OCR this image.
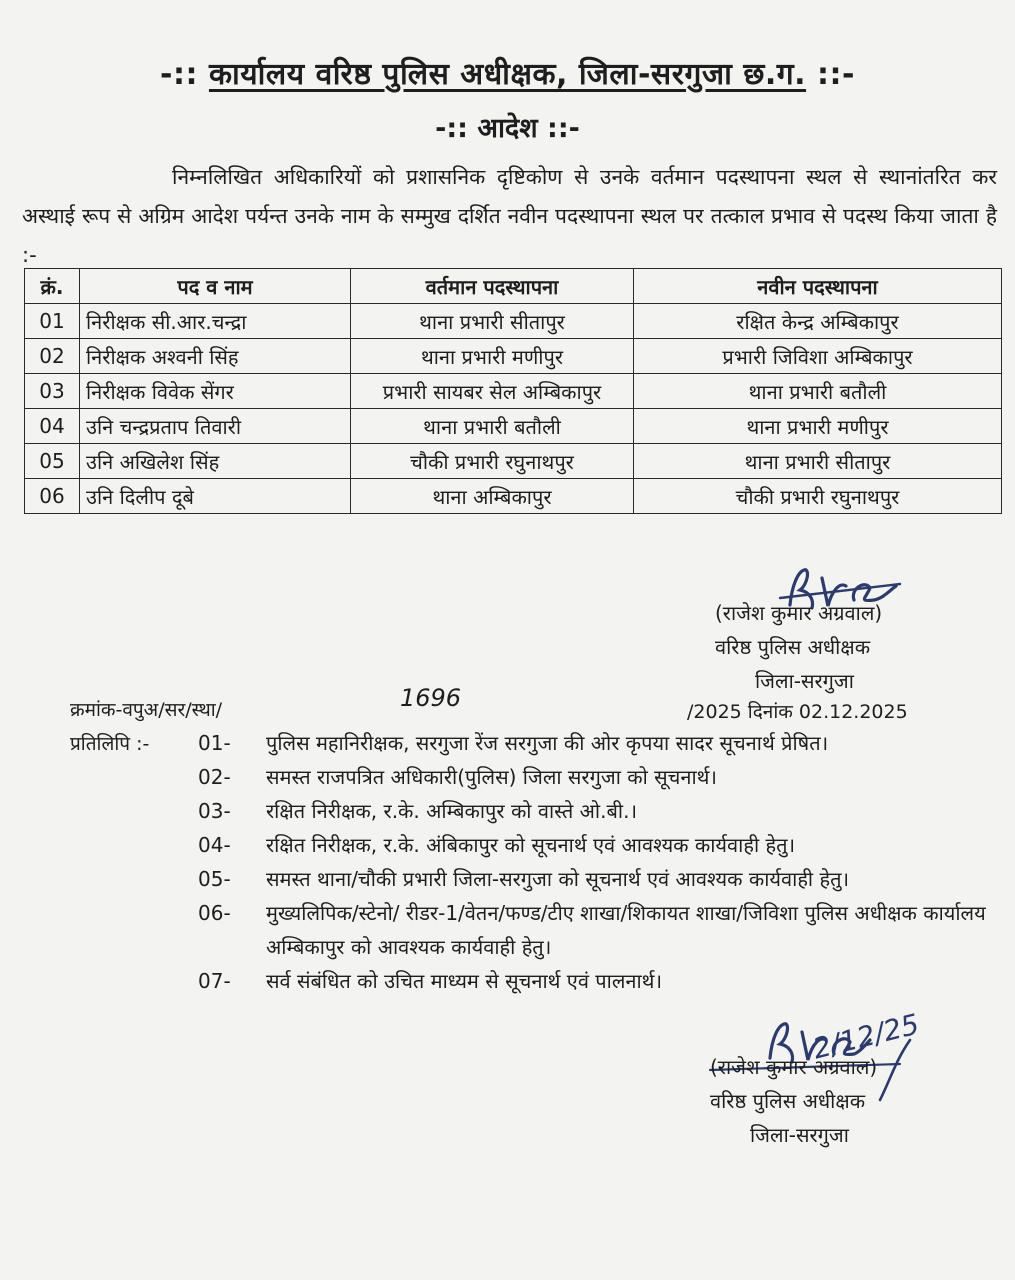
-:: कार्यालय वरिष्ठ पुलिस अधीक्षक, जिला-सरगुजा छ.ग. ::-
-:: आदेश ::-
निम्नलिखित अधिकारियों को प्रशासनिक दृष्टिकोण से उनके वर्तमान पदस्थापना स्थल से स्थानांतरित कर अस्थाई रूप से अग्रिम आदेश पर्यन्त उनके नाम के सम्मुख दर्शित नवीन पदस्थापना स्थल पर तत्काल प्रभाव से पदस्थ किया जाता है :-
क्रं.	पद व नाम	वर्तमान पदस्थापना	नवीन पदस्थापना
01	निरीक्षक सी.आर.चन्द्रा	थाना प्रभारी सीतापुर	रक्षित केन्द्र अम्बिकापुर
02	निरीक्षक अश्वनी सिंह	थाना प्रभारी मणीपुर	प्रभारी जिविशा अम्बिकापुर
03	निरीक्षक विवेक सेंगर	प्रभारी सायबर सेल अम्बिकापुर	थाना प्रभारी बतौली
04	उनि चन्द्रप्रताप तिवारी	थाना प्रभारी बतौली	थाना प्रभारी मणीपुर
05	उनि अखिलेश सिंह	चौकी प्रभारी रघुनाथपुर	थाना प्रभारी सीतापुर
06	उनि दिलीप दूबे	थाना अम्बिकापुर	चौकी प्रभारी रघुनाथपुर
(राजेश कुमार अग्रवाल)
वरिष्ठ पुलिस अधीक्षक
जिला-सरगुजा
क्रमांक-वपुअ/सर/स्था/	1696	/2025 दिनांक 02.12.2025
प्रतिलिपि :- 01-	पुलिस महानिरीक्षक, सरगुजा रेंज सरगुजा की ओर कृपया सादर सूचनार्थ प्रेषित।
02-	समस्त राजपत्रित अधिकारी(पुलिस) जिला सरगुजा को सूचनार्थ।
03-	रक्षित निरीक्षक, र.के. अम्बिकापुर को वास्ते ओ.बी.।
04-	रक्षित निरीक्षक, र.के. अंबिकापुर को सूचनार्थ एवं आवश्यक कार्यवाही हेतु।
05-	समस्त थाना/चौकी प्रभारी जिला-सरगुजा को सूचनार्थ एवं आवश्यक कार्यवाही हेतु।
06-	मुख्यलिपिक/स्टेनो/ रीडर-1/वेतन/फण्ड/टीए शाखा/शिकायत शाखा/जिविशा पुलिस अधीक्षक कार्यालय अम्बिकापुर को आवश्यक कार्यवाही हेतु।
07-	सर्व संबंधित को उचित माध्यम से सूचनार्थ एवं पालनार्थ।
2/12/25
(राजेश कुमार अग्रवाल)
वरिष्ठ पुलिस अधीक्षक
जिला-सरगुजा
